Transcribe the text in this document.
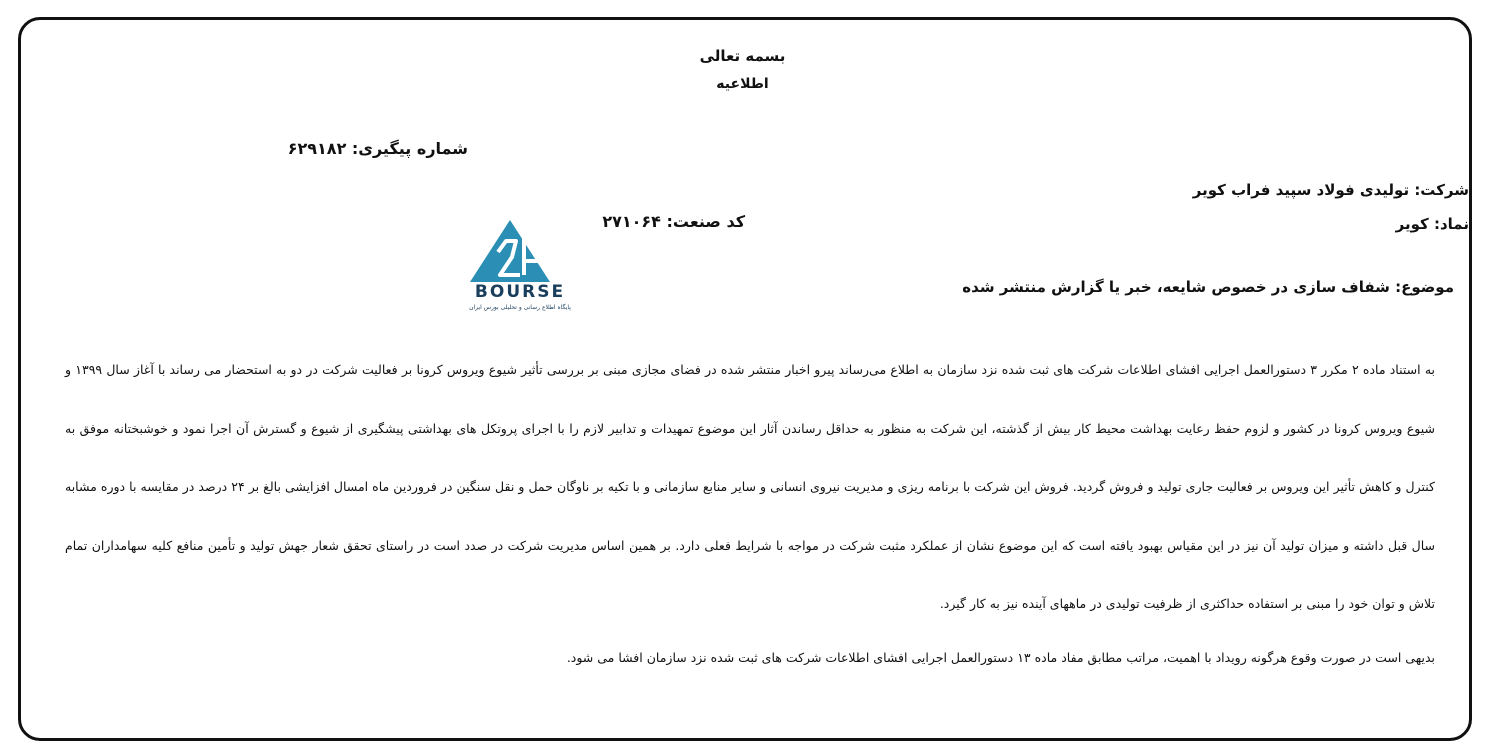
بسمه تعالی
اطلاعیه
شماره پیگیری: ۶۲۹۱۸۲
شرکت: تولیدی فولاد سپید فراب کویر
نماد: کویر
کد صنعت: ۲۷۱۰۶۴
BOURSE
پایگاه اطلاع رسانی و تحلیلی بورس ایران
موضوع: شفاف سازی در خصوص شایعه، خبر یا گزارش منتشر شده
به استناد ماده ۲ مکرر ۳ دستورالعمل اجرایی افشای اطلاعات شرکت های ثبت شده نزد سازمان به اطلاع می‌رساند پیرو اخبار منتشر شده در فضای مجازی مبنی بر بررسی تأثیر شیوع ویروس کرونا بر فعالیت شرکت در دو به استحضار می رساند با آغاز سال ۱۳۹۹ و شیوع ویروس کرونا در کشور و لزوم حفظ رعایت بهداشت محیط کار بیش از گذشته، این شرکت به منظور به حداقل رساندن آثار این موضوع تمهیدات و تدابیر لازم را با اجرای پروتکل های بهداشتی پیشگیری از شیوع و گسترش آن اجرا نمود و خوشبختانه موفق به کنترل و کاهش تأثیر این ویروس بر فعالیت جاری تولید و فروش گردید. فروش این شرکت با برنامه ریزی و مدیریت نیروی انسانی و سایر منابع سازمانی و با تکیه بر ناوگان حمل و نقل سنگین در فروردین ماه امسال افزایشی بالغ بر ۲۴ درصد در مقایسه با دوره مشابه سال قبل داشته و میزان تولید آن نیز در این مقیاس بهبود یافته است که این موضوع نشان از عملکرد مثبت شرکت در مواجه با شرایط فعلی دارد. بر همین اساس مدیریت شرکت در صدد است در راستای تحقق شعار جهش تولید و تأمین منافع کلیه سهامداران تمام تلاش و توان خود را مبنی بر استفاده حداکثری از ظرفیت تولیدی در ماههای آینده نیز به کار گیرد.
بدیهی است در صورت وقوع هرگونه رویداد با اهمیت، مراتب مطابق مفاد ماده ۱۳ دستورالعمل اجرایی افشای اطلاعات شرکت های ثبت شده نزد سازمان افشا می شود.
